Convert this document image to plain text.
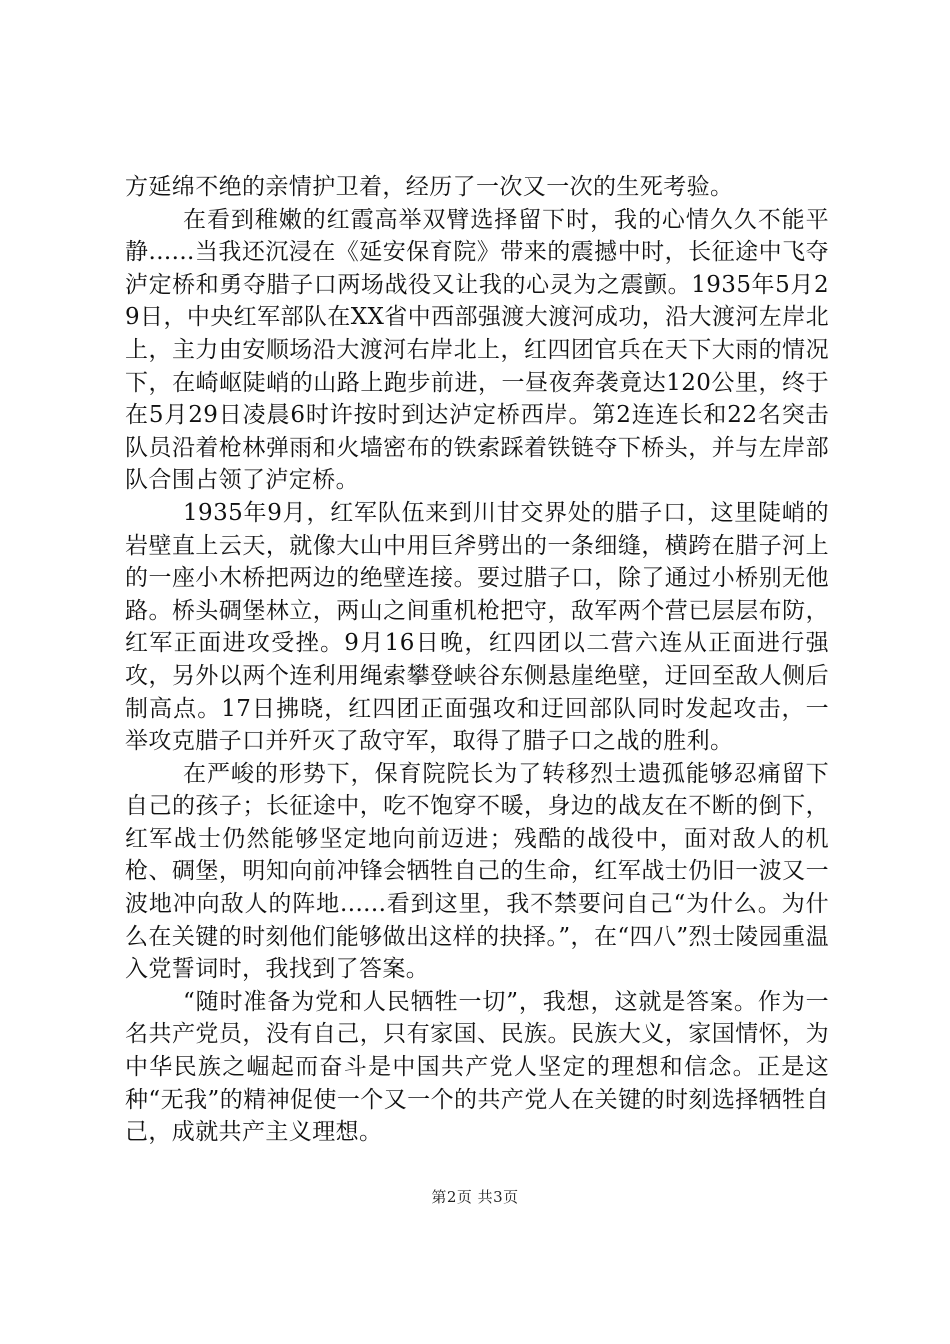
方延绵不绝的亲情护卫着，经历了一次又一次的生死考验。

在看到稚嫩的红霞高举双臂选择留下时，我的心情久久不能平静......当我还沉浸在《延安保育院》带来的震撼中时，长征途中飞夺泸定桥和勇夺腊子口两场战役又让我的心灵为之震颤。1935年5月29日，中央红军部队在XX省中西部强渡大渡河成功，沿大渡河左岸北上，主力由安顺场沿大渡河右岸北上，红四团官兵在天下大雨的情况下，在崎岖陡峭的山路上跑步前进，一昼夜奔袭竟达120公里，终于在5月29日凌晨6时许按时到达泸定桥西岸。第2连连长和22名突击队员沿着枪林弹雨和火墙密布的铁索踩着铁链夺下桥头，并与左岸部队合围占领了泸定桥。

1935年9月，红军队伍来到川甘交界处的腊子口，这里陡峭的岩壁直上云天，就像大山中用巨斧劈出的一条细缝，横跨在腊子河上的一座小木桥把两边的绝壁连接。要过腊子口，除了通过小桥别无他路。桥头碉堡林立，两山之间重机枪把守，敌军两个营已层层布防，红军正面进攻受挫。9月16日晚，红四团以二营六连从正面进行强攻，另外以两个连利用绳索攀登峡谷东侧悬崖绝壁，迂回至敌人侧后制高点。17日拂晓，红四团正面强攻和迂回部队同时发起攻击，一举攻克腊子口并歼灭了敌守军，取得了腊子口之战的胜利。

在严峻的形势下，保育院院长为了转移烈士遗孤能够忍痛留下自己的孩子；长征途中，吃不饱穿不暖，身边的战友在不断的倒下，红军战士仍然能够坚定地向前迈进；残酷的战役中，面对敌人的机枪、碉堡，明知向前冲锋会牺牲自己的生命，红军战士仍旧一波又一波地冲向敌人的阵地......看到这里，我不禁要问自己“为什么。为什么在关键的时刻他们能够做出这样的抉择。”，在“四八”烈士陵园重温入党誓词时，我找到了答案。

“随时准备为党和人民牺牲一切”，我想，这就是答案。作为一名共产党员，没有自己，只有家国、民族。民族大义，家国情怀，为中华民族之崛起而奋斗是中国共产党人坚定的理想和信念。正是这种“无我”的精神促使一个又一个的共产党人在关键的时刻选择牺牲自己，成就共产主义理想。

第2页 共3页
